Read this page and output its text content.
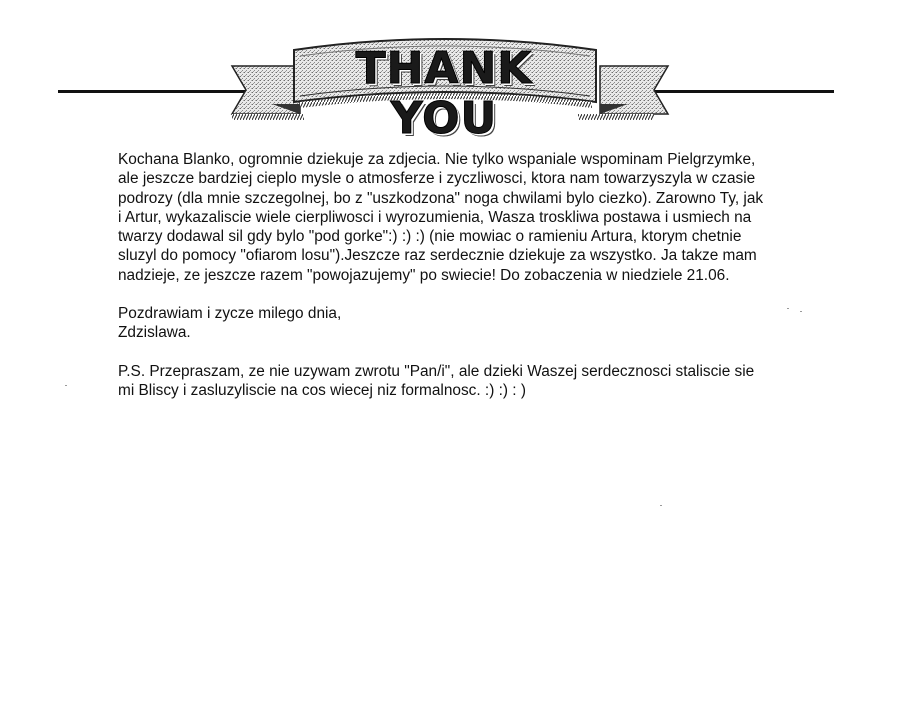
THANK YOU

Kochana Blanko, ogromnie dziekuje za zdjecia. Nie tylko wspaniale wspominam Pielgrzymke,
ale jeszcze bardziej cieplo mysle o atmosferze i zyczliwosci, ktora nam towarzyszyla w czasie
podrozy (dla mnie szczegolnej, bo z "uszkodzona" noga chwilami bylo ciezko). Zarowno Ty, jak
i Artur, wykazaliscie wiele cierpliwosci i wyrozumienia, Wasza troskliwa postawa i usmiech na
twarzy dodawal sil gdy bylo "pod gorke":) :) :) (nie mowiac o ramieniu Artura, ktorym chetnie
sluzyl do pomocy "ofiarom losu").Jeszcze raz serdecznie dziekuje za wszystko. Ja takze mam
nadzieje, ze jeszcze razem "powojazujemy" po swiecie! Do zobaczenia w niedziele 21.06.

Pozdrawiam i zycze milego dnia,
Zdzislawa.

P.S. Przepraszam, ze nie uzywam zwrotu "Pan/i", ale dzieki Waszej serdecznosci staliscie sie
mi Bliscy i zasluzyliscie na cos wiecej niz formalnosc. :) :) : )
